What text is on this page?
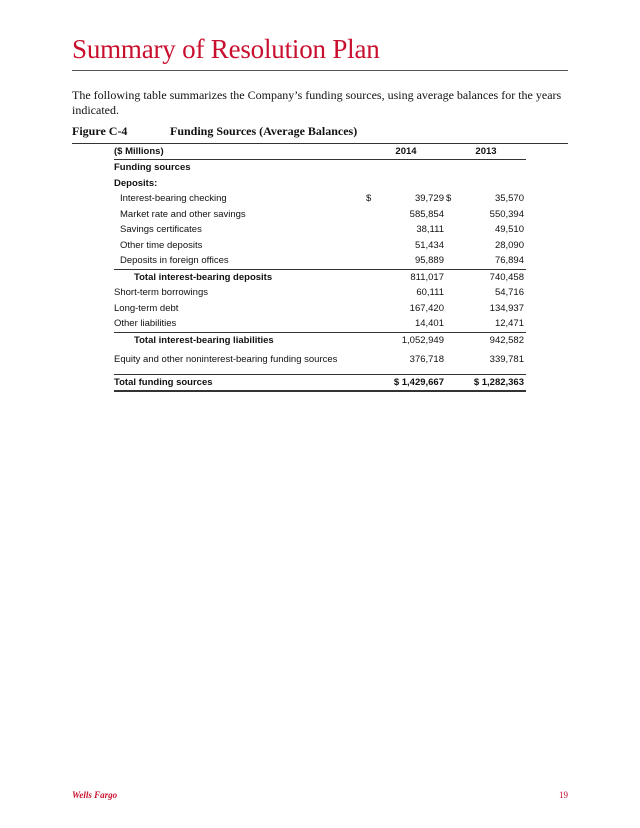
Summary of Resolution Plan
The following table summarizes the Company’s funding sources, using average balances for the years indicated.
Figure C-4	Funding Sources (Average Balances)
($ Millions)	2014	2013
Funding sources
Deposits:
Interest-bearing checking	$	39,729 $	35,570
Market rate and other savings	585,854	550,394
Savings certificates	38,111	49,510
Other time deposits	51,434	28,090
Deposits in foreign offices	95,889	76,894
Total interest-bearing deposits	811,017	740,458
Short-term borrowings	60,111	54,716
Long-term debt	167,420	134,937
Other liabilities	14,401	12,471
Total interest-bearing liabilities	1,052,949	942,582
Equity and other noninterest-bearing funding sources	376,718	339,781
Total funding sources	$ 1,429,667	$ 1,282,363
Wells Fargo	19
